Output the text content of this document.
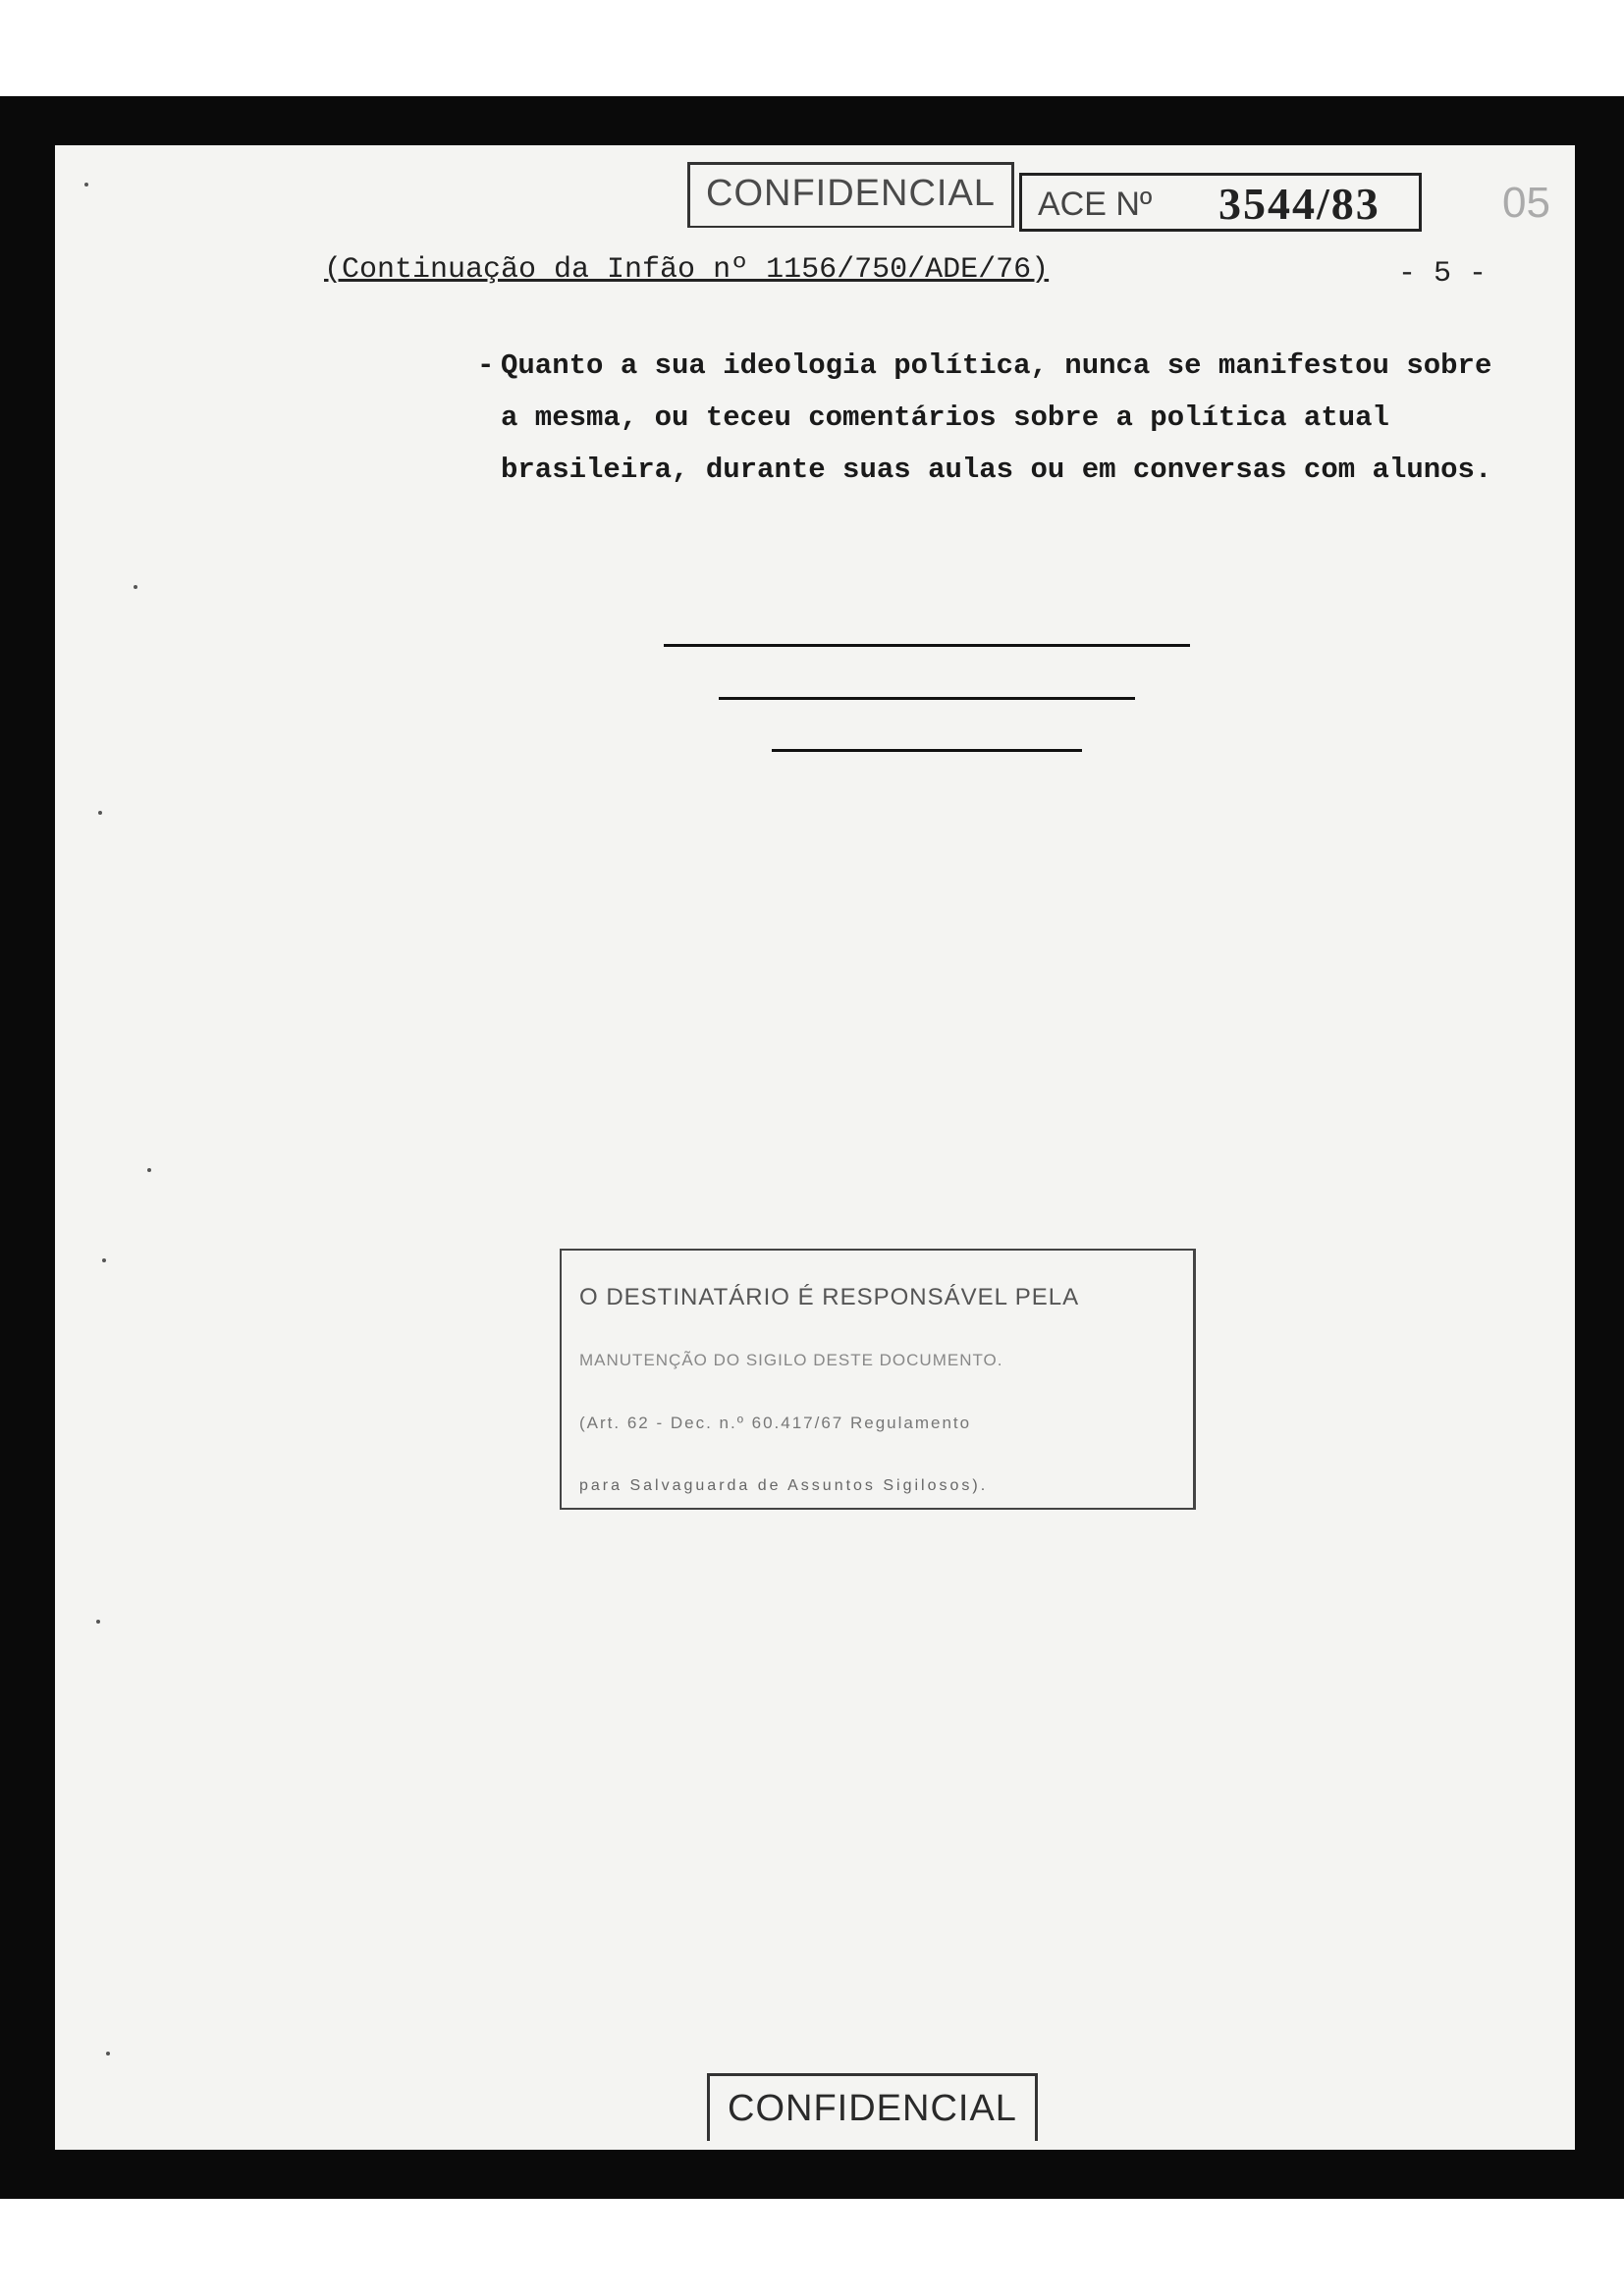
CONFIDENCIAL	ACE Nº 3544/83	05
(Continuação da Infão nº 1156/750/ADE/76)	- 5 -
- Quanto a sua ideologia política, nunca se manifestou sobre a mesma, ou teceu comentários sobre a política atual brasileira, durante suas aulas ou em conversas com alunos.
O DESTINATÁRIO É RESPONSÁVEL PELA
MANUTENÇÃO DO SIGILO DESTE DOCUMENTO.
(Art. 62 - Dec. n.º 60.417/67 Regulamento
para Salvaguarda de Assuntos Sigilosos).
CONFIDENCIAL
